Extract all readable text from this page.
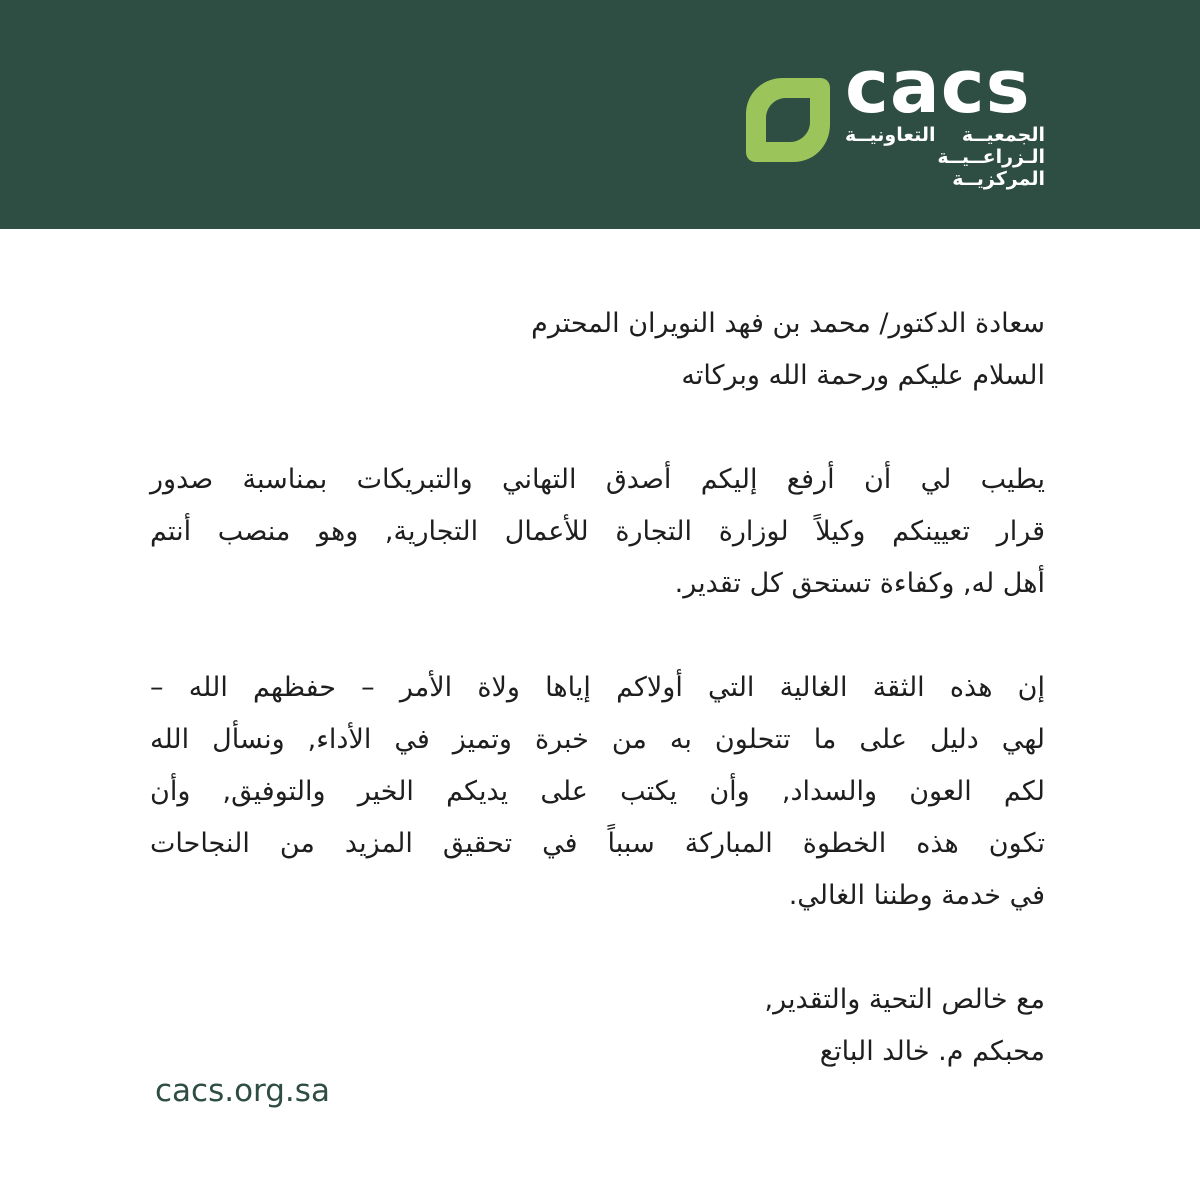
cacs
الجمعيــة التعاونيــة
الـزراعــيــة المركزيــة
سعادة الدكتور/ محمد بن فهد النويران المحترم
السلام عليكم ورحمة الله وبركاته
يطيب لي أن أرفع إليكم أصدق التهاني والتبريكات بمناسبة صدور
قرار تعيينكم وكيلاً لوزارة التجارة للأعمال التجارية, وهو منصب أنتم
أهل له, وكفاءة تستحق كل تقدير.
إن هذه الثقة الغالية التي أولاكم إياها ولاة الأمر – حفظهم الله –
لهي دليل على ما تتحلون به من خبرة وتميز في الأداء, ونسأل الله
لكم العون والسداد, وأن يكتب على يديكم الخير والتوفيق, وأن
تكون هذه الخطوة المباركة سبباً في تحقيق المزيد من النجاحات
في خدمة وطننا الغالي.
مع خالص التحية والتقدير,
محبكم م. خالد الباتع
cacs.org.sa
